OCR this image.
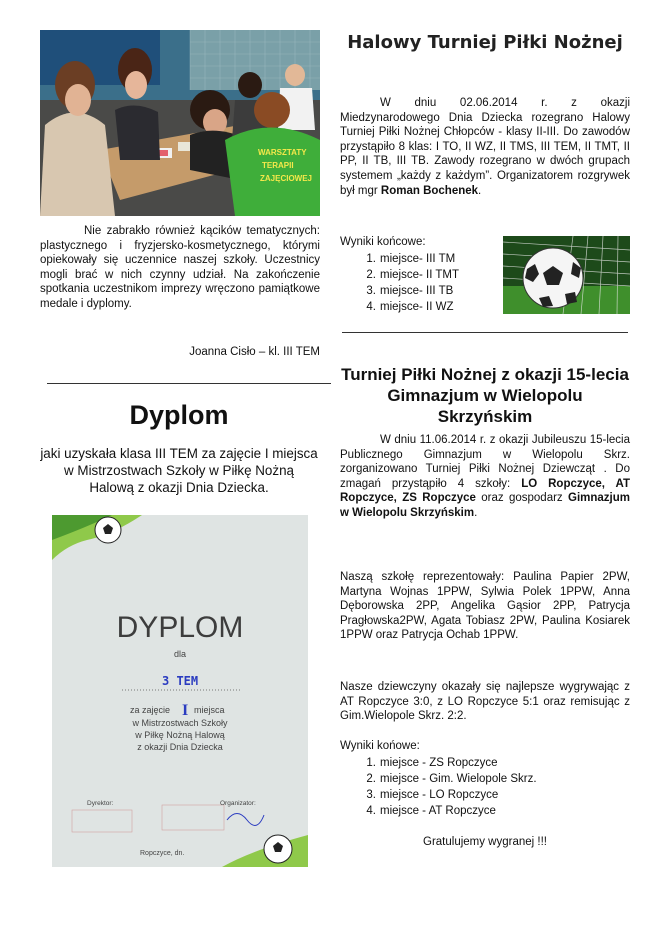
WARSZTATY
TERAPII
ZAJĘCIOWEJ
Nie zabrakło również kącików tematycznych: plastycznego i fryzjersko-kosmetycznego, którymi opiekowały się uczennice naszej szkoły. Uczestnicy mogli brać w nich czynny udział. Na zakończenie spotkania uczestnikom imprezy wręczono pamiątkowe medale i dyplomy.
Joanna Cisło – kl. III TEM
Dyplom
jaki uzyskała klasa III TEM za zajęcie I miejsca w Mistrzostwach Szkoły w Piłkę Nożną Halową z okazji Dnia Dziecka.
DYPLOM
dla
3 TEM
za zajęcie I miejsca
w Mistrzostwach Szkoły
w Piłkę Nożną Halową
z okazji Dnia Dziecka
Dyrektor:	Organizator:
Ropczyce, dn.
Halowy Turniej Piłki Nożnej
W dniu 02.06.2014 r. z okazji Miedzynarodowego Dnia Dziecka rozegrano Halowy Turniej Piłki Nożnej Chłopców - klasy II-III. Do zawodów przystąpiło 8 klas: I TO, II WZ, II TMS, III TEM, II TMT, II PP, II TB, III TB. Zawody rozegrano w dwóch grupach systemem „każdy z każdym”. Organizatorem rozgrywek był mgr Roman Bochenek.
Wyniki końcowe:
1. miejsce- III TM
2. miejsce- II TMT
3. miejsce- III TB
4. miejsce- II WZ
Turniej Piłki Nożnej z okazji 15-lecia Gimnazjum w Wielopolu Skrzyńskim
W dniu 11.06.2014 r. z okazji Jubileuszu 15-lecia Publicznego Gimnazjum w Wielopolu Skrz. zorganizowano Turniej Piłki Nożnej Dziewcząt . Do zmagań przystąpiło 4 szkoły: LO Ropczyce, AT Ropczyce, ZS Ropczyce oraz gospodarz Gimnazjum w Wielopolu Skrzyńskim.
Naszą szkołę reprezentowały: Paulina Papier 2PW, Martyna Wojnas 1PPW, Sylwia Polek 1PPW, Anna Dęborowska 2PP, Angelika Gąsior 2PP, Patrycja Pragłowska2PW, Agata Tobiasz 2PW, Paulina Kosiarek 1PPW oraz Patrycja Ochab 1PPW.
Nasze dziewczyny okazały się najlepsze wygrywając z AT Ropczyce 3:0, z LO Ropczyce 5:1 oraz remisując z Gim.Wielopole Skrz. 2:2.
Wyniki końowe:
1. miejsce - ZS Ropczyce
2. miejsce - Gim. Wielopole Skrz.
3. miejsce - LO Ropczyce
4. miejsce - AT Ropczyce
Gratulujemy wygranej !!!
